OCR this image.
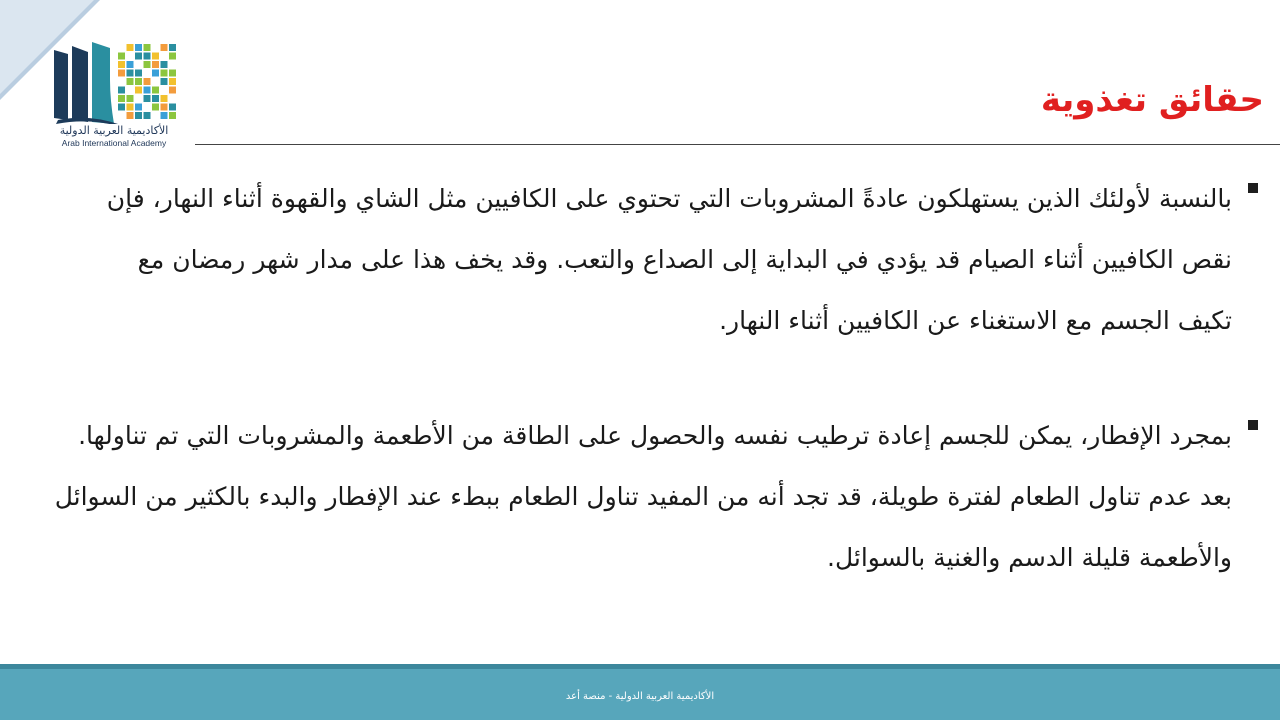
الأكاديمية العربية الدولية
Arab International Academy
حقائق تغذوية
بالنسبة لأولئك الذين يستهلكون عادةً المشروبات التي تحتوي على الكافيين مثل الشاي والقهوة أثناء النهار، فإن
نقص الكافيين أثناء الصيام قد يؤدي في البداية إلى الصداع والتعب. وقد يخف هذا على مدار شهر رمضان مع
تكيف الجسم مع الاستغناء عن الكافيين أثناء النهار.
بمجرد الإفطار، يمكن للجسم إعادة ترطيب نفسه والحصول على الطاقة من الأطعمة والمشروبات التي تم تناولها.
بعد عدم تناول الطعام لفترة طويلة، قد تجد أنه من المفيد تناول الطعام ببطء عند الإفطار والبدء بالكثير من السوائل
والأطعمة قليلة الدسم والغنية بالسوائل.
الأكاديمية العربية الدولية - منصة أعد
